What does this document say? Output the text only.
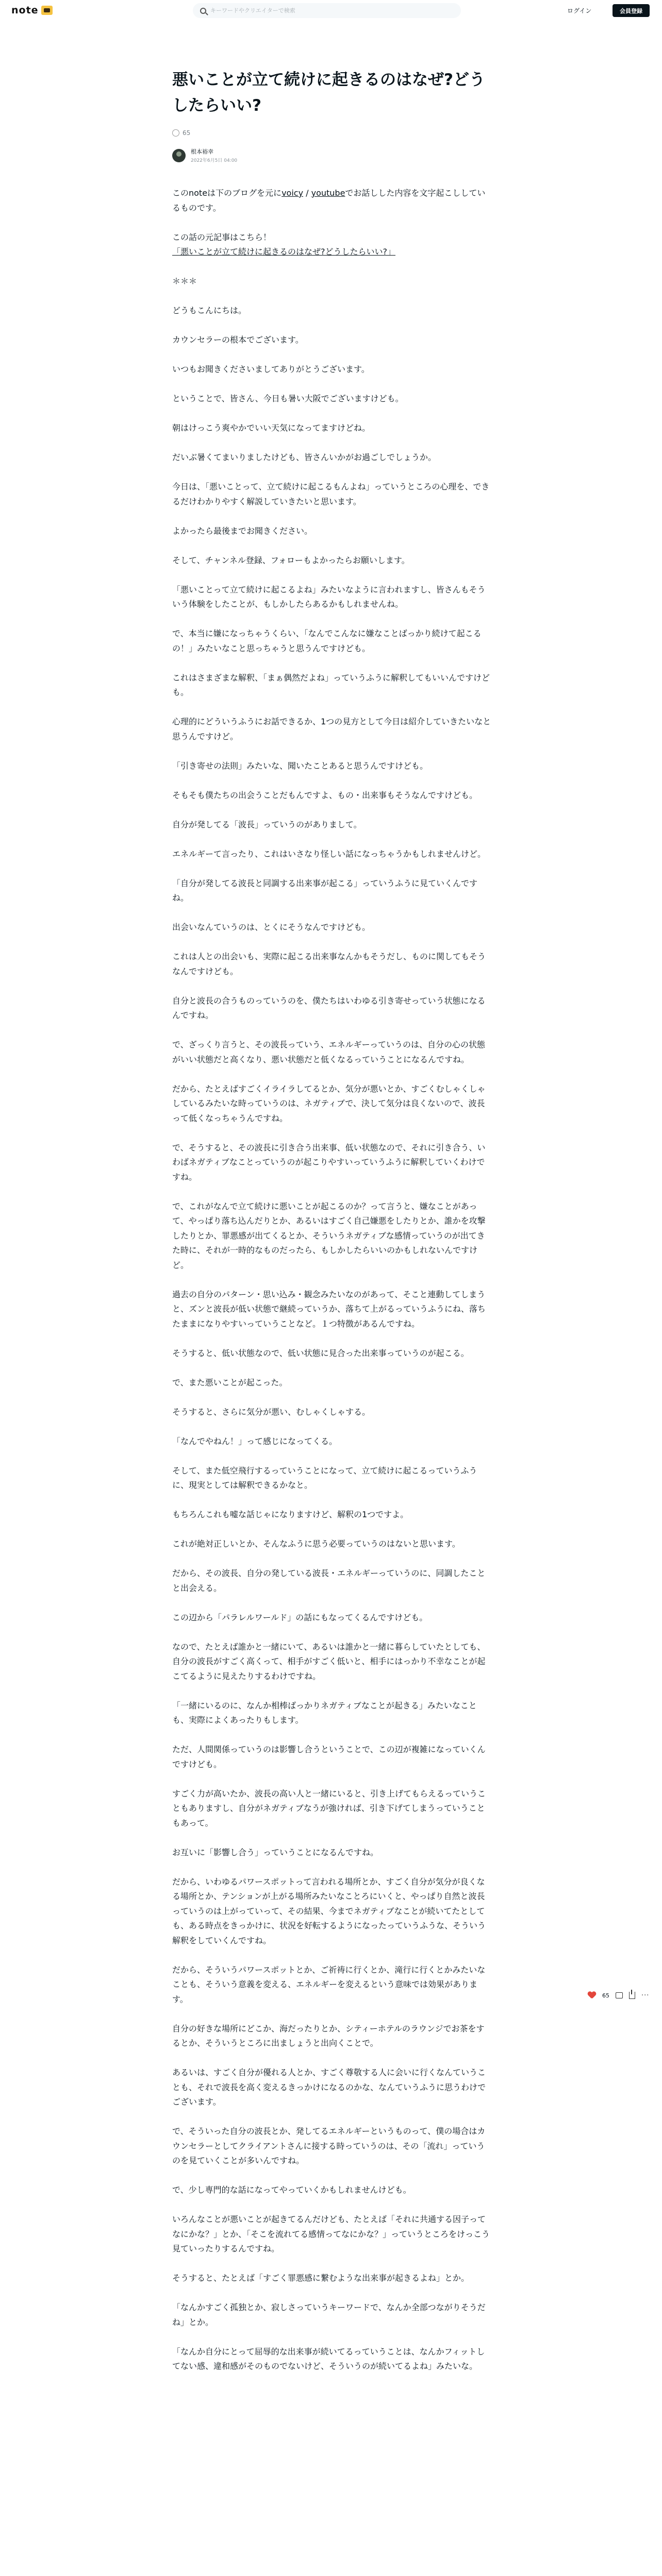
note
キーワードやクリエイターで検索	ログイン	会員登録
悪いことが立て続けに起きるのはなぜ?どうしたらいい?
65
根本裕幸
2022年6月5日 04:00

このnoteは下のブログを元にvoicy / youtubeでお話しした内容を文字起こししているものです。

この話の元記事はこちら！
「悪いことが立て続けに起きるのはなぜ?どうしたらいい?」

＊＊＊

どうもこんにちは。

カウンセラーの根本でございます。

いつもお聞きくださいましてありがとうございます。

ということで、皆さん、今日も暑い大阪でございますけども。

朝はけっこう爽やかでいい天気になってますけどね。

だいぶ暑くてまいりましたけども、皆さんいかがお過ごしでしょうか。

今日は、「悪いことって、立て続けに起こるもんよね」っていうところの心理を、できるだけわかりやすく解説していきたいと思います。

よかったら最後までお聞きください。

そして、チャンネル登録、フォローもよかったらお願いします。

「悪いことって立て続けに起こるよね」みたいなように言われますし、皆さんもそういう体験をしたことが、もしかしたらあるかもしれませんね。

で、本当に嫌になっちゃうくらい、「なんでこんなに嫌なことばっかり続けて起こるの！」みたいなこと思っちゃうと思うんですけども。

これはさまざまな解釈、「まぁ偶然だよね」っていうふうに解釈してもいいんですけども。

心理的にどういうふうにお話できるか、1つの見方として今日は紹介していきたいなと思うんですけど。

「引き寄せの法則」みたいな、聞いたことあると思うんですけども。

そもそも僕たちの出会うことだもんですよ、もの・出来事もそうなんですけども。

自分が発してる「波長」っていうのがありまして。

エネルギーて言ったり、これはいさなり怪しい話になっちゃうかもしれませんけど。

「自分が発してる波長と同調する出来事が起こる」っていうふうに見ていくんですね。

出会いなんていうのは、とくにそうなんですけども。

これは人との出会いも、実際に起こる出来事なんかもそうだし、ものに関してもそうなんですけども。

自分と波長の合うものっていうのを、僕たちはいわゆる引き寄せっていう状態になるんですね。

で、ざっくり言うと、その波長っていう、エネルギーっていうのは、自分の心の状態がいい状態だと高くなり、悪い状態だと低くなるっていうことになるんですね。

だから、たとえばすごくイライラしてるとか、気分が悪いとか、すごくむしゃくしゃしているみたいな時っていうのは、ネガティブで、決して気分は良くないので、波長って低くなっちゃうんですね。

で、そうすると、その波長に引き合う出来事、低い状態なので、それに引き合う、いわばネガティブなことっていうのが起こりやすいっていうふうに解釈していくわけですね。

で、これがなんで立て続けに悪いことが起こるのか？って言うと、嫌なことがあって、やっぱり落ち込んだりとか、あるいはすごく自己嫌悪をしたりとか、誰かを攻撃したりとか、罪悪感が出てくるとか、そういうネガティブな感情っていうのが出てきた時に、それが一時的なものだったら、もしかしたらいいのかもしれないんですけど。

過去の自分のパターン・思い込み・観念みたいなのがあって、そこと連動してしまうと、ズンと波長が低い状態で継続っていうか、落ちて上がるっていうふうにね、落ちたままになりやすいっていうことなど。１つ特徴があるんですね。

そうすると、低い状態なので、低い状態に見合った出来事っていうのが起こる。

で、また悪いことが起こった。

そうすると、さらに気分が悪い、むしゃくしゃする。

「なんでやねん！」って感じになってくる。

そして、また低空飛行するっていうことになって、立て続けに起こるっていうふうに、現実としては解釈できるかなと。

もちろんこれも嘘な話じゃになりますけど、解釈の1つですよ。

これが絶対正しいとか、そんなふうに思う必要っていうのはないと思います。

だから、その波長、自分の発している波長・エネルギーっていうのに、同調したことと出会える。

この辺から「パラレルワールド」の話にもなってくるんですけども。

なので、たとえば誰かと一緒にいて、あるいは誰かと一緒に暮らしていたとしても、自分の波長がすごく高くって、相手がすごく低いと、相手にはっかり不幸なことが起こてるように見えたりするわけですね。

「一緒にいるのに、なんか相棒ばっかりネガティブなことが起きる」みたいなことも、実際によくあったりもします。

ただ、人間関係っていうのは影響し合うということで、この辺が複雑になっていくんですけども。

すごく力が高いたか、波長の高い人と一緒にいると、引き上げてもらえるっていうこともありますし、自分がネガティブなうが強ければ、引き下げてしまうっていうこともあって。

お互いに「影響し合う」っていうことになるんですね。

だから、いわゆるパワースポットって言われる場所とか、すごく自分が気分が良くなる場所とか、テンションが上がる場所みたいなことろにいくと、やっぱり自然と波長っていうのは上がっていって、その結果、今までネガティブなことが続いてたとしても、ある時点をきっかけに、状況を好転するようになったっていうふうな、そういう解釈をしていくんですね。

だから、そういうパワースポットとか、ご祈祷に行くとか、滝行に行くとかみたいなことも、そういう意義を変える、エネルギーを変えるという意味では効果があります。

自分の好きな場所にどこか、海だったりとか、シティーホテルのラウンジでお茶をするとか、そういうところに出ましょうと出向くことで。

あるいは、すごく自分が優れる人とか、すごく尊敬する人に会いに行くなんていうことも、それで波長を高く変えるきっかけになるのかな、なんていうふうに思うわけでございます。

で、そういった自分の波長とか、発してるエネルギーというものって、僕の場合はカウンセラーとしてクライアントさんに接する時っていうのは、その「流れ」っていうのを見ていくことが多いんですね。

で、少し専門的な話になってやっていくかもしれませんけども。

いろんなことが悪いことが起きてるんだけども、たとえば「それに共通する因子ってなにかな？」とか、「そこを流れてる感情ってなにかな？」っていうところをけっこう見ていったりするんですね。

そうすると、たとえば「すごく罪悪感に繋むような出来事が起きるよね」とか。

「なんかすごく孤独とか、寂しさっていうキーワードで、なんか全部つながりそうだね」とか。

「なんか自分にとって屈辱的な出来事が続いてるっていうことは、なんかフィットしてない感、違和感がそのものでないけど、そういうのが続いてるよね」みたいな。

65	···
